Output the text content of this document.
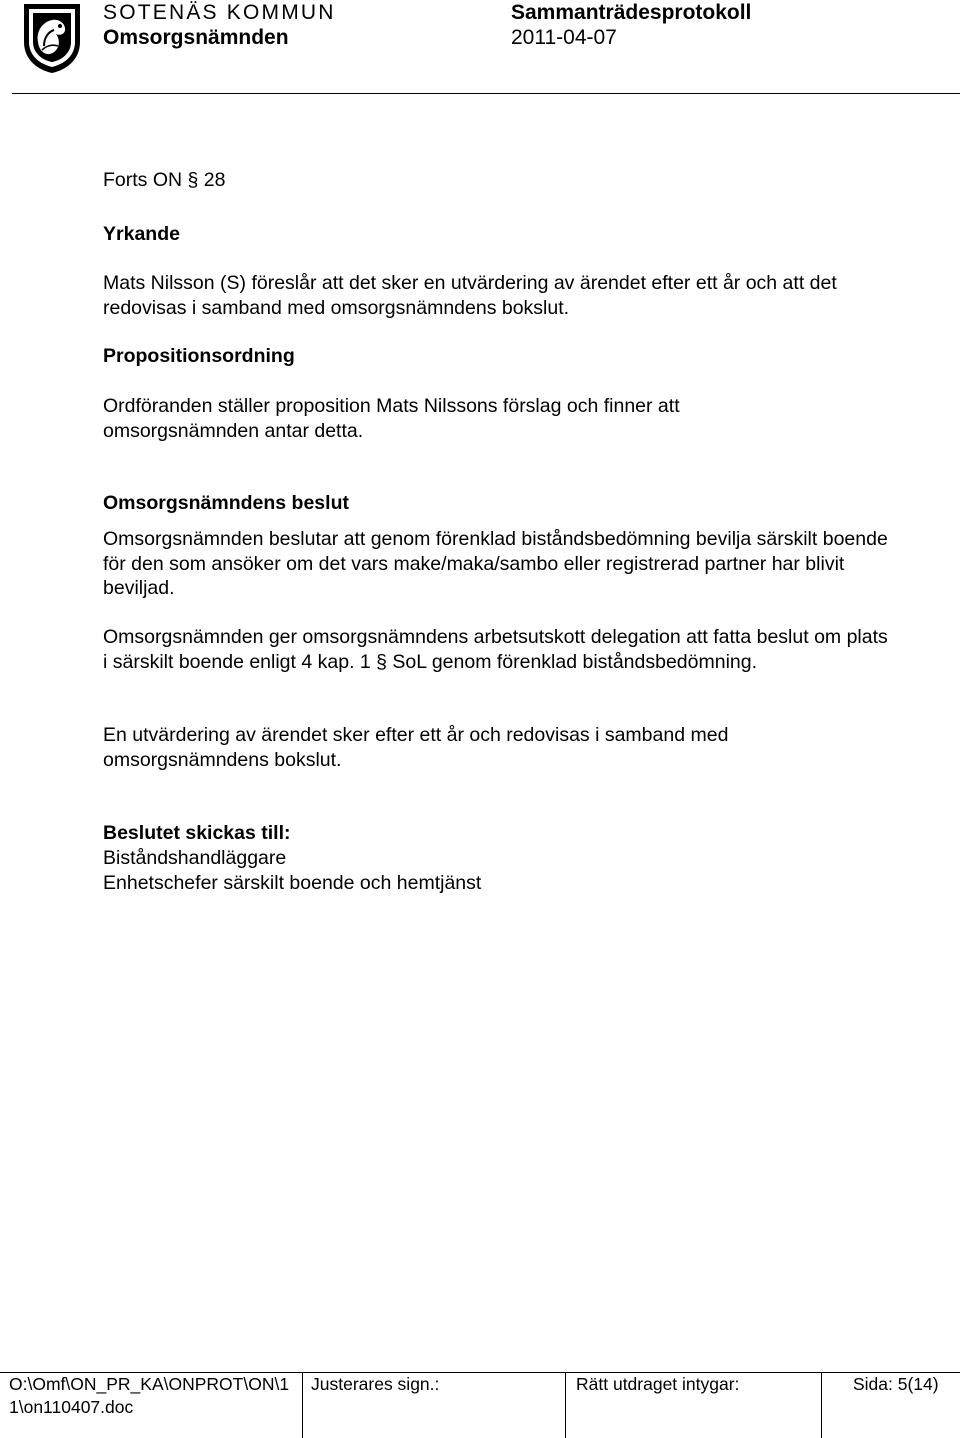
SOTENÄS KOMMUN
Omsorgsnämnden
Sammanträdesprotokoll
2011-04-07
Forts ON § 28
Yrkande

Mats Nilsson (S) föreslår att det sker en utvärdering av ärendet efter ett år och att det redovisas i samband med omsorgsnämndens bokslut.

Propositionsordning

Ordföranden ställer proposition Mats Nilssons förslag och finner att omsorgsnämnden antar detta.

Omsorgsnämndens beslut

Omsorgsnämnden beslutar att genom förenklad biståndsbedömning bevilja särskilt boende för den som ansöker om det vars make/maka/sambo eller registrerad partner har blivit beviljad.

Omsorgsnämnden ger omsorgsnämndens arbetsutskott delegation att fatta beslut om plats i särskilt boende enligt 4 kap. 1 § SoL genom förenklad biståndsbedömning.

En utvärdering av ärendet sker efter ett år och redovisas i samband med omsorgsnämndens bokslut.

Beslutet skickas till:
Biståndshandläggare
Enhetschefer särskilt boende och hemtjänst
O:\Omf\ON_PR_KA\ONPROT\ON\1
1\on110407.doc
Justerares sign.:	Rätt utdraget intygar:	Sida: 5(14)
